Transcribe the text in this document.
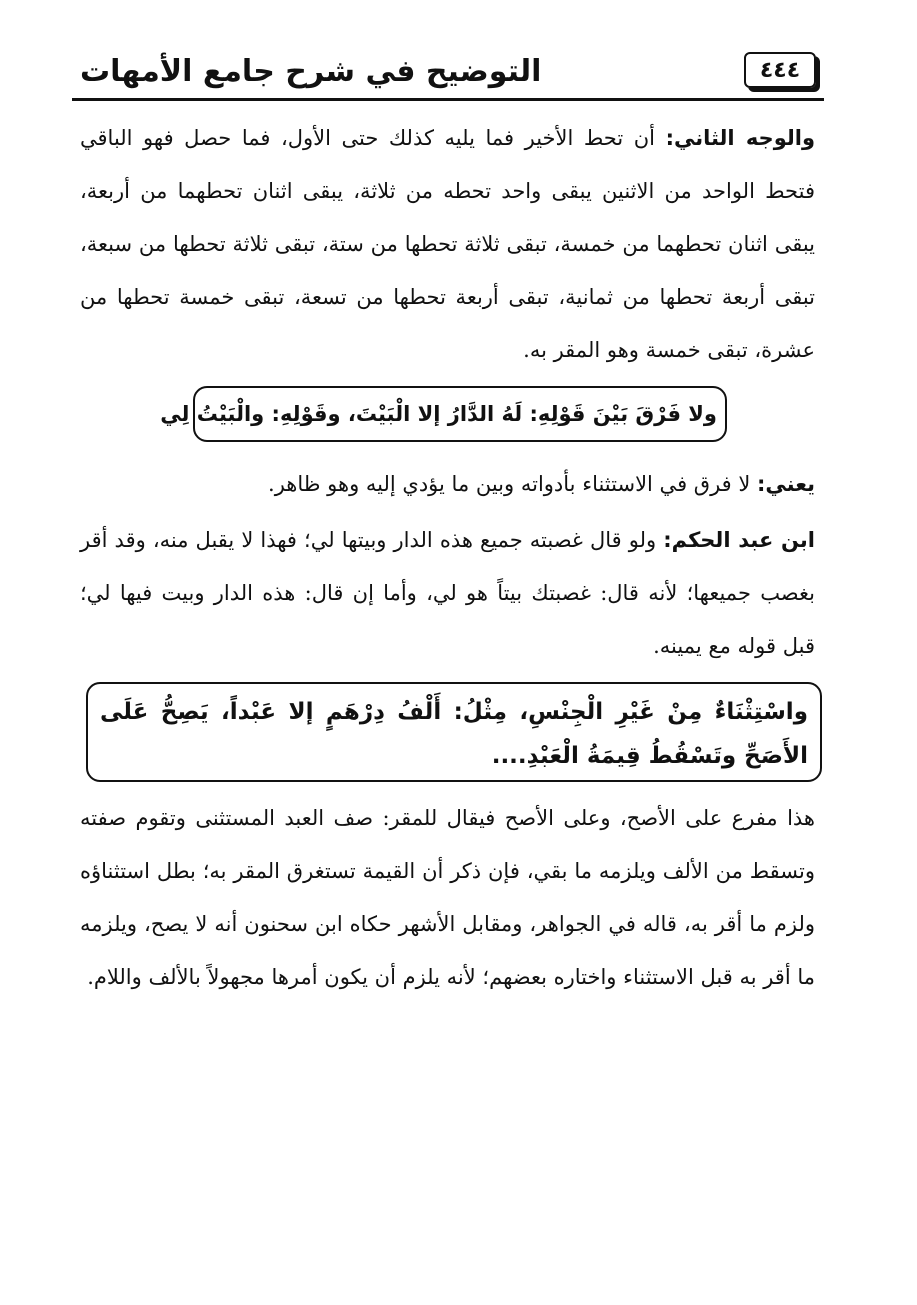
التوضيح في شرح جامع الأمهات	٤٤٤
والوجه الثاني: أن تحط الأخير فما يليه كذلك حتى الأول، فما حصل فهو الباقي فتحط الواحد من الاثنين يبقى واحد تحطه من ثلاثة، يبقى اثنان تحطهما من أربعة، يبقى اثنان تحطهما من خمسة، تبقى ثلاثة تحطها من ستة، تبقى ثلاثة تحطها من سبعة، تبقى أربعة تحطها من ثمانية، تبقى أربعة تحطها من تسعة، تبقى خمسة تحطها من عشرة، تبقى خمسة وهو المقر به.
ولا فَرْقَ بَيْنَ قَوْلِهِ: لَهُ الدَّارُ إلا الْبَيْتَ، وقَوْلِهِ: والْبَيْتُ لِي
يعني: لا فرق في الاستثناء بأدواته وبين ما يؤدي إليه وهو ظاهر.
ابن عبد الحكم: ولو قال غصبته جميع هذه الدار وبيتها لي؛ فهذا لا يقبل منه، وقد أقر بغصب جميعها؛ لأنه قال: غصبتك بيتاً هو لي، وأما إن قال: هذه الدار وبيت فيها لي؛ قبل قوله مع يمينه.
واسْتِثْنَاءٌ مِنْ غَيْرِ الْجِنْسِ، مِثْلُ: أَلْفُ دِرْهَمٍ إلا عَبْداً، يَصِحُّ عَلَى الأَصَحِّ وتَسْقُطُ قِيمَةُ الْعَبْدِ....
هذا مفرع على الأصح، وعلى الأصح فيقال للمقر: صف العبد المستثنى وتقوم صفته وتسقط من الألف ويلزمه ما بقي، فإن ذكر أن القيمة تستغرق المقر به؛ بطل استثناؤه ولزم ما أقر به، قاله في الجواهر، ومقابل الأشهر حكاه ابن سحنون أنه لا يصح، ويلزمه ما أقر به قبل الاستثناء واختاره بعضهم؛ لأنه يلزم أن يكون أمرها مجهولاً بالألف واللام.
